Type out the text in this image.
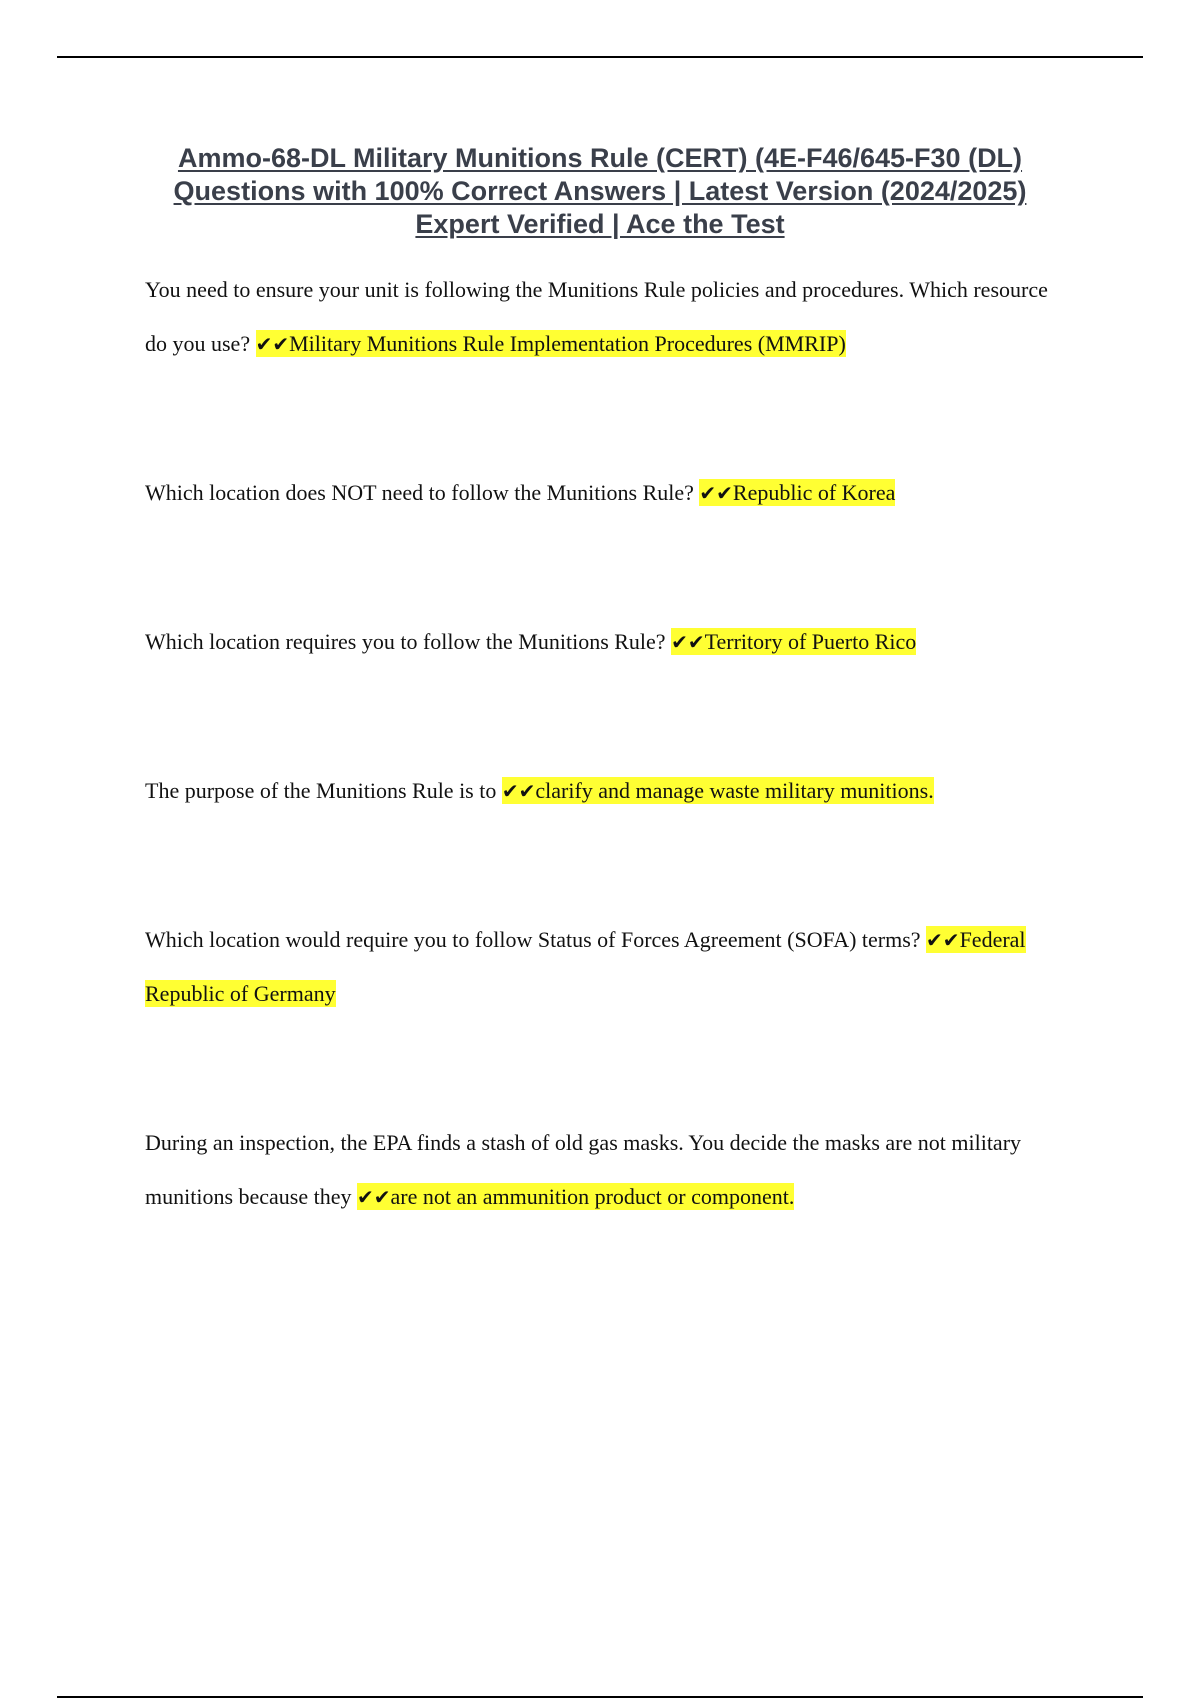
Ammo-68-DL Military Munitions Rule (CERT) (4E-F46/645-F30 (DL)
Questions with 100% Correct Answers | Latest Version (2024/2025)
Expert Verified | Ace the Test
You need to ensure your unit is following the Munitions Rule policies and procedures. Which resource do you use? ✔✔Military Munitions Rule Implementation Procedures (MMRIP)
Which location does NOT need to follow the Munitions Rule? ✔✔Republic of Korea
Which location requires you to follow the Munitions Rule? ✔✔Territory of Puerto Rico
The purpose of the Munitions Rule is to ✔✔clarify and manage waste military munitions.
Which location would require you to follow Status of Forces Agreement (SOFA) terms? ✔✔Federal Republic of Germany
During an inspection, the EPA finds a stash of old gas masks. You decide the masks are not military munitions because they ✔✔are not an ammunition product or component.
